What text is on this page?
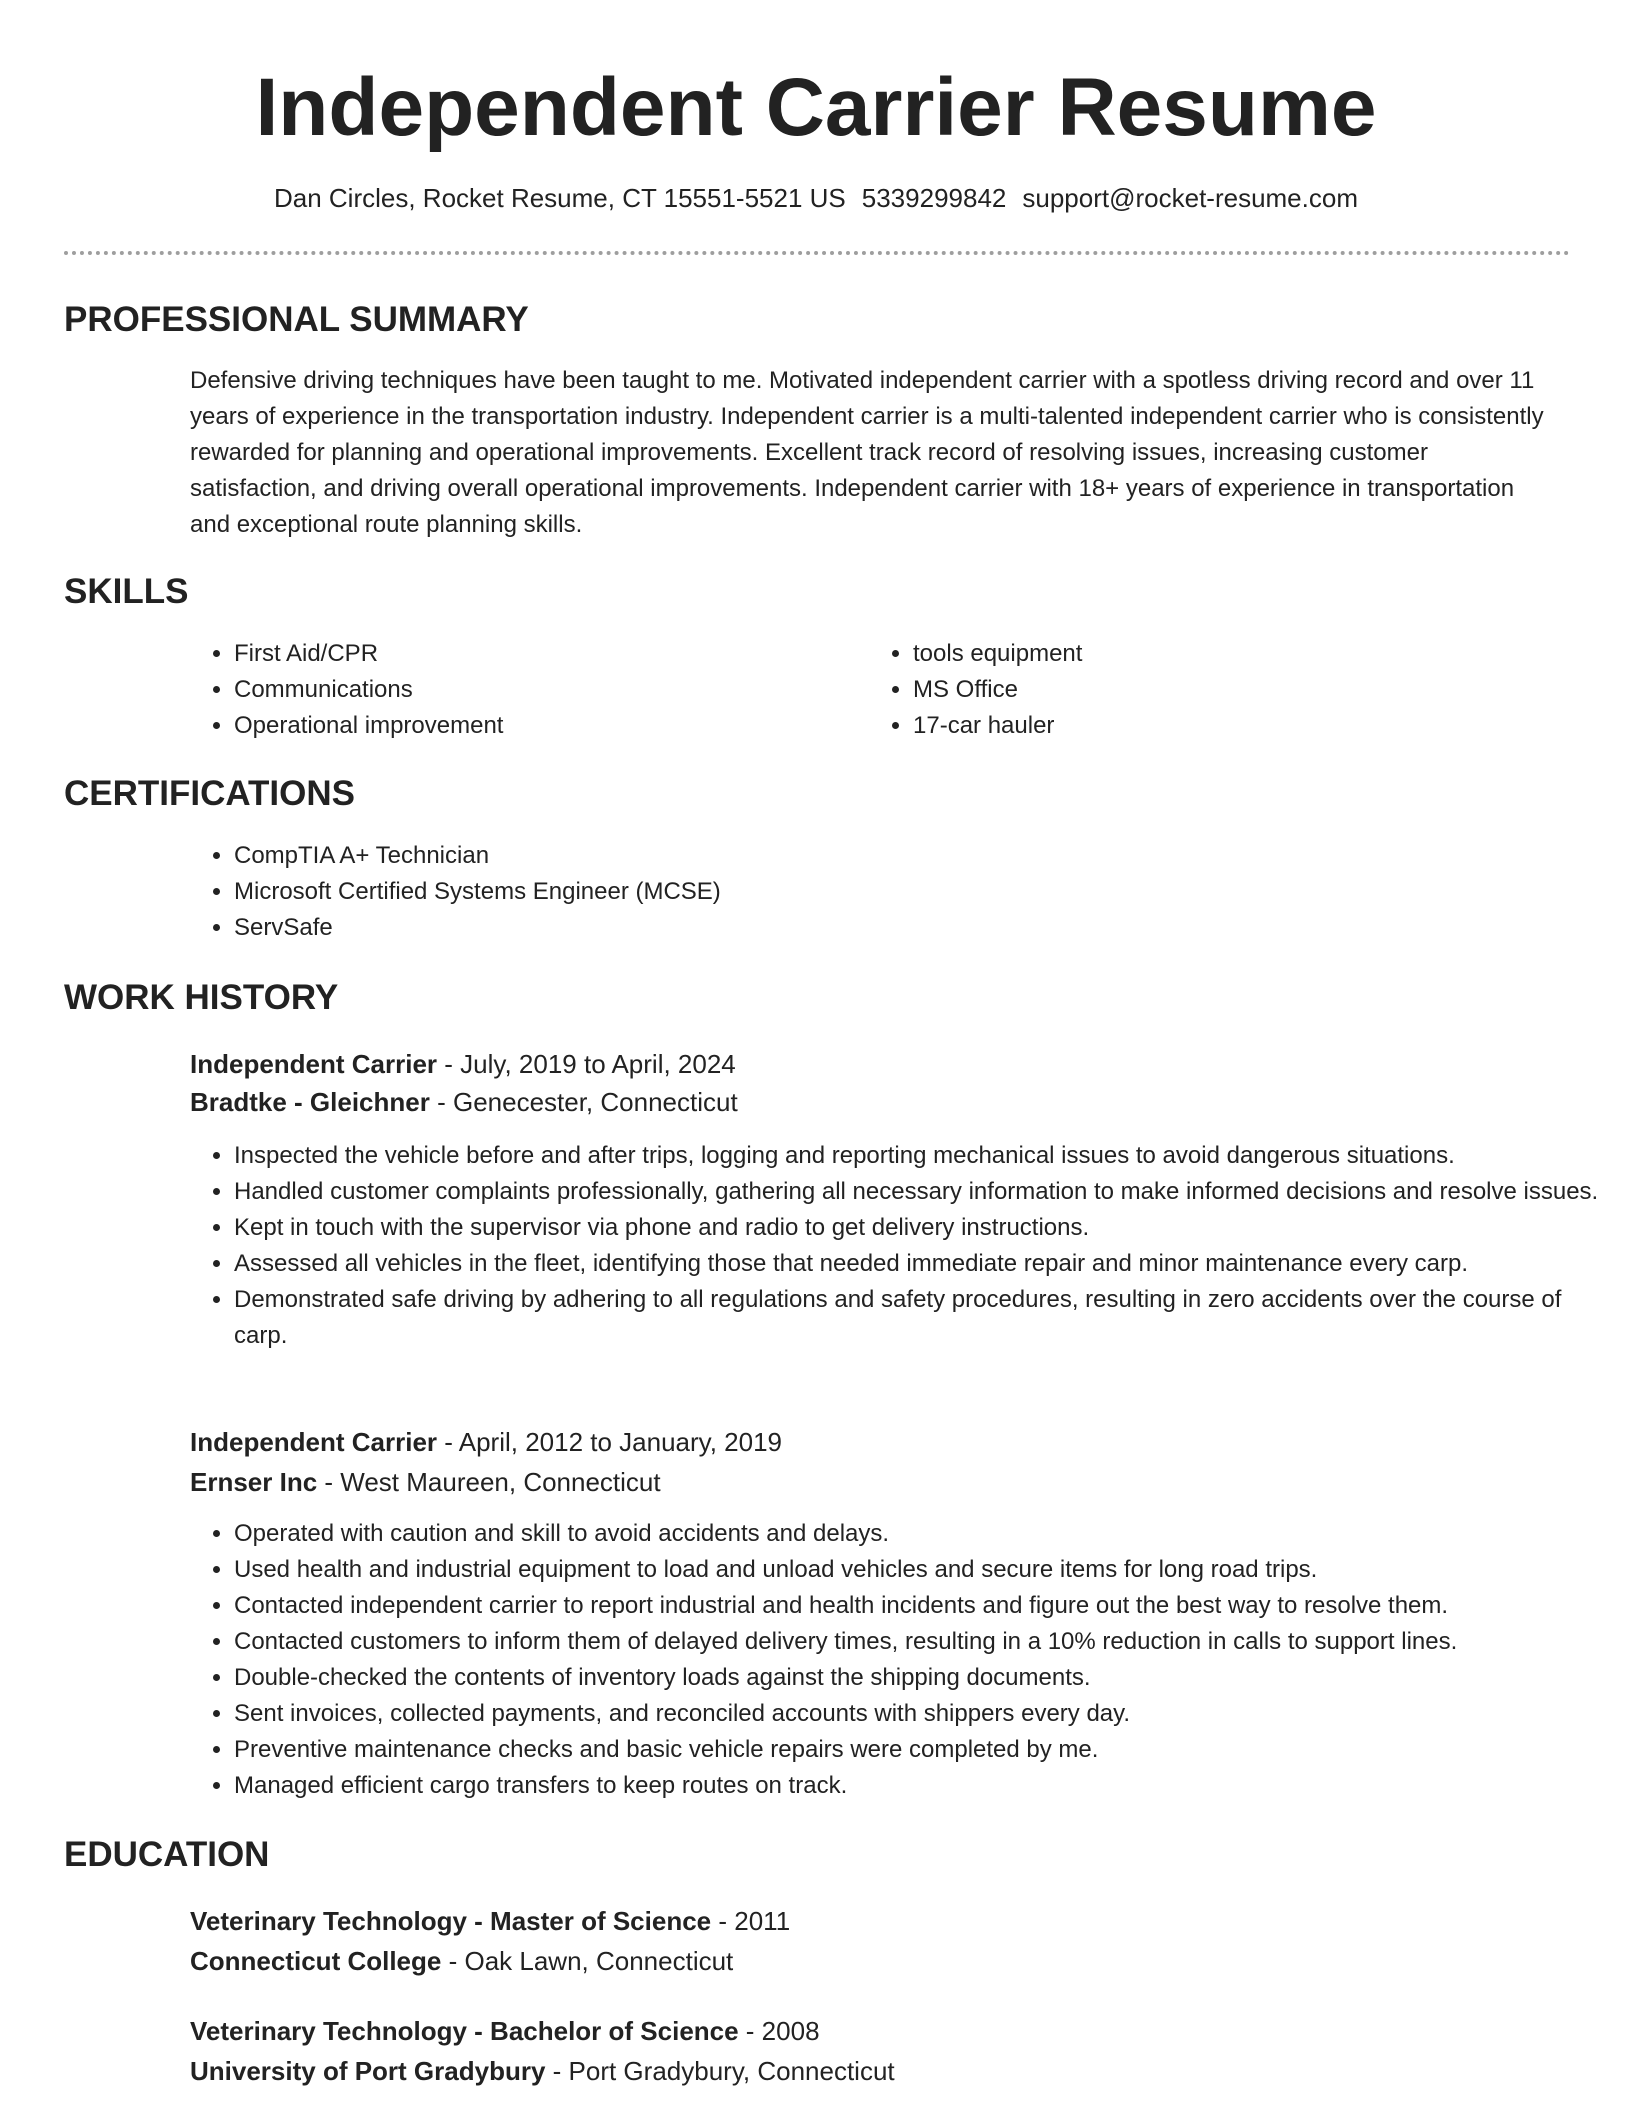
Independent Carrier Resume
Dan Circles, Rocket Resume, CT 15551-5521 US 5339299842 support@rocket-resume.com
PROFESSIONAL SUMMARY
Defensive driving techniques have been taught to me. Motivated independent carrier with a spotless driving record and over 11 years of experience in the transportation industry. Independent carrier is a multi-talented independent carrier who is consistently rewarded for planning and operational improvements. Excellent track record of resolving issues, increasing customer satisfaction, and driving overall operational improvements. Independent carrier with 18+ years of experience in transportation and exceptional route planning skills.
SKILLS
• First Aid/CPR
• Communications
• Operational improvement
• tools equipment
• MS Office
• 17-car hauler
CERTIFICATIONS
• CompTIA A+ Technician
• Microsoft Certified Systems Engineer (MCSE)
• ServSafe
WORK HISTORY
Independent Carrier - July, 2019 to April, 2024
Bradtke - Gleichner - Genecester, Connecticut
• Inspected the vehicle before and after trips, logging and reporting mechanical issues to avoid dangerous situations.
• Handled customer complaints professionally, gathering all necessary information to make informed decisions and resolve issues.
• Kept in touch with the supervisor via phone and radio to get delivery instructions.
• Assessed all vehicles in the fleet, identifying those that needed immediate repair and minor maintenance every carp.
• Demonstrated safe driving by adhering to all regulations and safety procedures, resulting in zero accidents over the course of carp.
Independent Carrier - April, 2012 to January, 2019
Ernser Inc - West Maureen, Connecticut
• Operated with caution and skill to avoid accidents and delays.
• Used health and industrial equipment to load and unload vehicles and secure items for long road trips.
• Contacted independent carrier to report industrial and health incidents and figure out the best way to resolve them.
• Contacted customers to inform them of delayed delivery times, resulting in a 10% reduction in calls to support lines.
• Double-checked the contents of inventory loads against the shipping documents.
• Sent invoices, collected payments, and reconciled accounts with shippers every day.
• Preventive maintenance checks and basic vehicle repairs were completed by me.
• Managed efficient cargo transfers to keep routes on track.
EDUCATION
Veterinary Technology - Master of Science - 2011
Connecticut College - Oak Lawn, Connecticut
Veterinary Technology - Bachelor of Science - 2008
University of Port Gradybury - Port Gradybury, Connecticut
